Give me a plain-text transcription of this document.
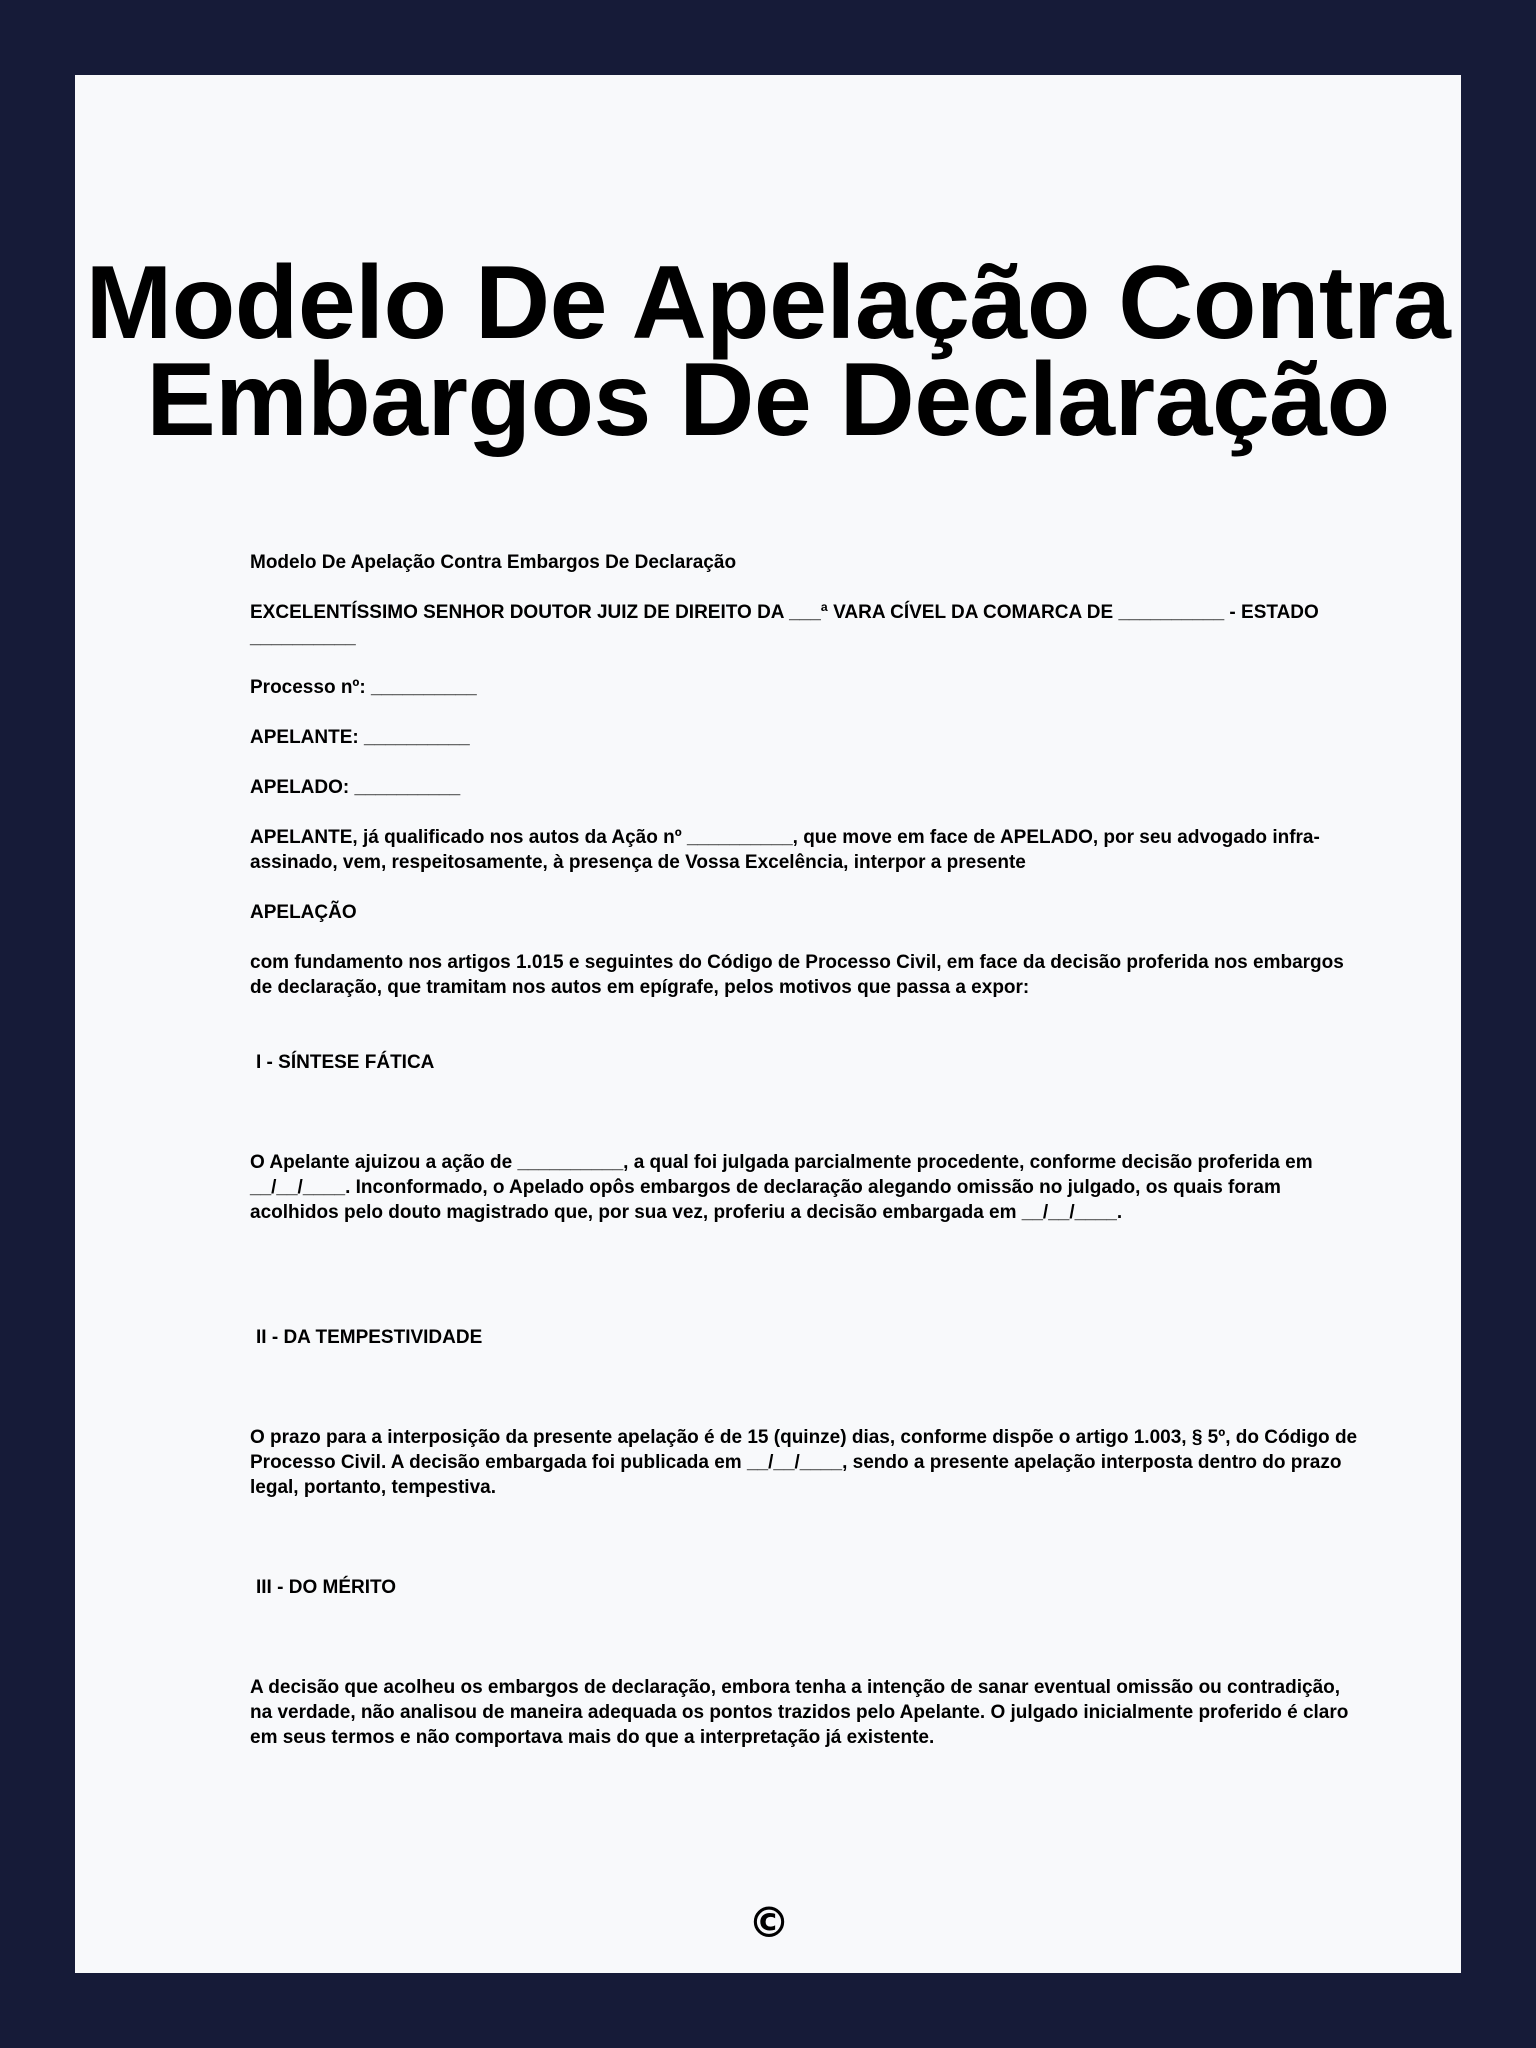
Modelo De Apelação Contra
Embargos De Declaração

Modelo De Apelação Contra Embargos De Declaração

EXCELENTÍSSIMO SENHOR DOUTOR JUIZ DE DIREITO DA ___ª VARA CÍVEL DA COMARCA DE __________ - ESTADO __________

Processo nº: __________

APELANTE: __________

APELADO: __________

APELANTE, já qualificado nos autos da Ação nº __________, que move em face de APELADO, por seu advogado infra-assinado, vem, respeitosamente, à presença de Vossa Excelência, interpor a presente

APELAÇÃO

com fundamento nos artigos 1.015 e seguintes do Código de Processo Civil, em face da decisão proferida nos embargos de declaração, que tramitam nos autos em epígrafe, pelos motivos que passa a expor:

I - SÍNTESE FÁTICA

O Apelante ajuizou a ação de __________, a qual foi julgada parcialmente procedente, conforme decisão proferida em __/__/____. Inconformado, o Apelado opôs embargos de declaração alegando omissão no julgado, os quais foram acolhidos pelo douto magistrado que, por sua vez, proferiu a decisão embargada em __/__/____.

II - DA TEMPESTIVIDADE

O prazo para a interposição da presente apelação é de 15 (quinze) dias, conforme dispõe o artigo 1.003, § 5º, do Código de Processo Civil. A decisão embargada foi publicada em __/__/____, sendo a presente apelação interposta dentro do prazo legal, portanto, tempestiva.

III - DO MÉRITO

A decisão que acolheu os embargos de declaração, embora tenha a intenção de sanar eventual omissão ou contradição, na verdade, não analisou de maneira adequada os pontos trazidos pelo Apelante. O julgado inicialmente proferido é claro em seus termos e não comportava mais do que a interpretação já existente.

©
